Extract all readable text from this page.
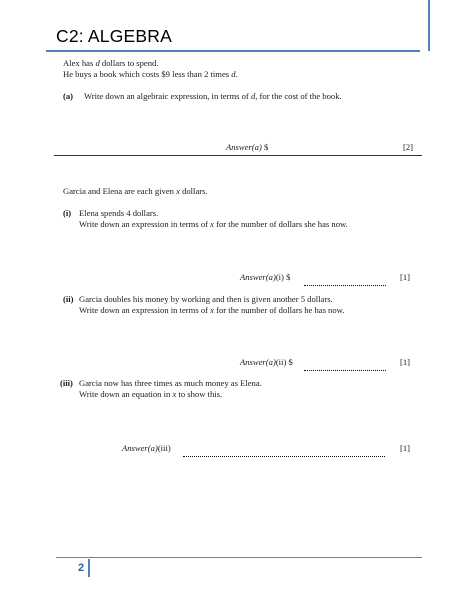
C2: ALGEBRA
Alex has d dollars to spend.
He buys a book which costs $9 less than 2 times d.
(a) Write down an algebraic expression, in terms of d, for the cost of the book.
Answer(a) $	[2]
Garcia and Elena are each given x dollars.
(i) Elena spends 4 dollars.
Write down an expression in terms of x for the number of dollars she has now.
Answer(a)(i) $	[1]
(ii) Garcia doubles his money by working and then is given another 5 dollars.
Write down an expression in terms of x for the number of dollars he has now.
Answer(a)(ii) $	[1]
(iii) Garcia now has three times as much money as Elena.
Write down an equation in x to show this.
Answer(a)(iii)	[1]
2
